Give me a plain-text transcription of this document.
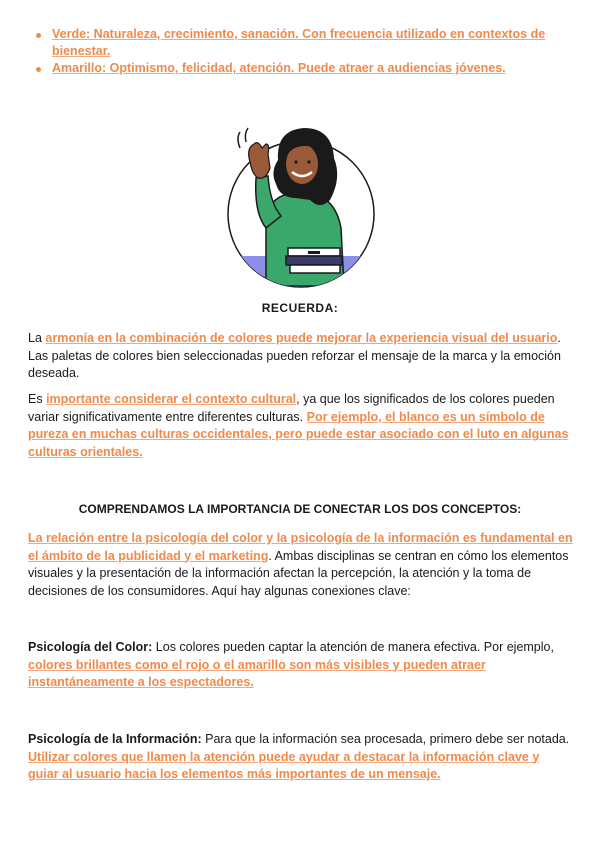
Verde: Naturaleza, crecimiento, sanación. Con frecuencia utilizado en contextos de bienestar.
Amarillo: Optimismo, felicidad, atención. Puede atraer a audiencias jóvenes.
RECUERDA:

La armonía en la combinación de colores puede mejorar la experiencia visual del usuario. Las paletas de colores bien seleccionadas pueden reforzar el mensaje de la marca y la emoción deseada.

Es importante considerar el contexto cultural, ya que los significados de los colores pueden variar significativamente entre diferentes culturas. Por ejemplo, el blanco es un símbolo de pureza en muchas culturas occidentales, pero puede estar asociado con el luto en algunas culturas orientales.

COMPRENDAMOS LA IMPORTANCIA DE CONECTAR LOS DOS CONCEPTOS:

La relación entre la psicología del color y la psicología de la información es fundamental en el ámbito de la publicidad y el marketing. Ambas disciplinas se centran en cómo los elementos visuales y la presentación de la información afectan la percepción, la atención y la toma de decisiones de los consumidores. Aquí hay algunas conexiones clave:

Psicología del Color: Los colores pueden captar la atención de manera efectiva. Por ejemplo, colores brillantes como el rojo o el amarillo son más visibles y pueden atraer instantáneamente a los espectadores.

Psicología de la Información: Para que la información sea procesada, primero debe ser notada. Utilizar colores que llamen la atención puede ayudar a destacar la información clave y guiar al usuario hacia los elementos más importantes de un mensaje.
